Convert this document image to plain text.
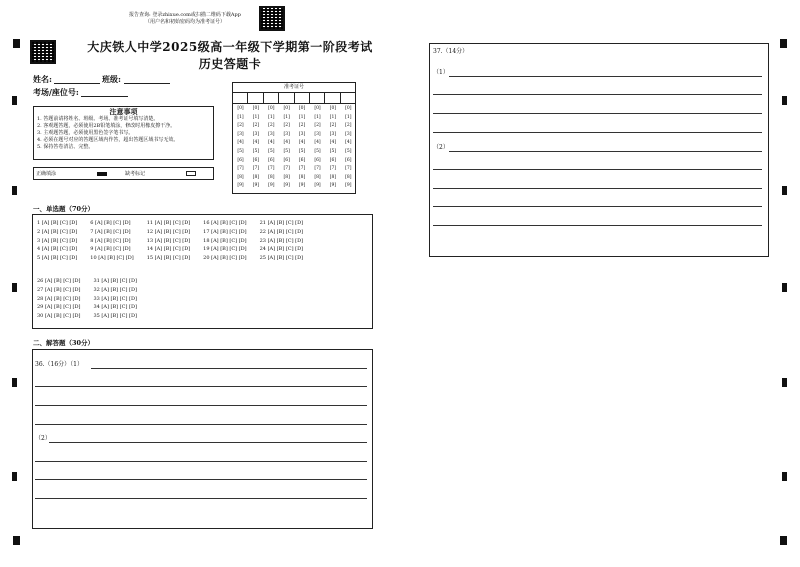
报告查询: 登录zhixue.com或扫描二维码下载App
（用户名和初始密码均为准考证号）
大庆铁人中学2025级高一年级下学期第一阶段考试
历史答题卡
姓名:	班级:
考场/座位号:
注意事项
1. 答题前请将姓名、班级、考场、准考证号填写清楚。
2. 客观题答题，必须使用2B铅笔填涂，修改时用橡皮擦干净。
3. 主观题答题，必须使用黑色签字笔书写。
4. 必须在题号对应的答题区域内作答，超出答题区域书写无效。
5. 保持答卷清洁、完整。
正确填涂	缺考标记
准考证号
[0]
[1]
[2]
[3]
[4]
[5]
[6]
[7]
[8]
[9]
[0]
[1]
[2]
[3]
[4]
[5]
[6]
[7]
[8]
[9]
[0]
[1]
[2]
[3]
[4]
[5]
[6]
[7]
[8]
[9]
[0]
[1]
[2]
[3]
[4]
[5]
[6]
[7]
[8]
[9]
[0]
[1]
[2]
[3]
[4]
[5]
[6]
[7]
[8]
[9]
[0]
[1]
[2]
[3]
[4]
[5]
[6]
[7]
[8]
[9]
[0]
[1]
[2]
[3]
[4]
[5]
[6]
[7]
[8]
[9]
[0]
[1]
[2]
[3]
[4]
[5]
[6]
[7]
[8]
[9]
一、单选题（70分）
1 [A] [B] [C] [D]
2 [A] [B] [C] [D]
3 [A] [B] [C] [D]
4 [A] [B] [C] [D]
5 [A] [B] [C] [D]
6 [A] [B] [C] [D]
7 [A] [B] [C] [D]
8 [A] [B] [C] [D]
9 [A] [B] [C] [D]
10 [A] [B] [C] [D]
11 [A] [B] [C] [D]
12 [A] [B] [C] [D]
13 [A] [B] [C] [D]
14 [A] [B] [C] [D]
15 [A] [B] [C] [D]
16 [A] [B] [C] [D]
17 [A] [B] [C] [D]
18 [A] [B] [C] [D]
19 [A] [B] [C] [D]
20 [A] [B] [C] [D]
21 [A] [B] [C] [D]
22 [A] [B] [C] [D]
23 [A] [B] [C] [D]
24 [A] [B] [C] [D]
25 [A] [B] [C] [D]
26 [A] [B] [C] [D]
27 [A] [B] [C] [D]
28 [A] [B] [C] [D]
29 [A] [B] [C] [D]
30 [A] [B] [C] [D]
31 [A] [B] [C] [D]
32 [A] [B] [C] [D]
33 [A] [B] [C] [D]
34 [A] [B] [C] [D]
35 [A] [B] [C] [D]
二、解答题（30分）
36.（16分）（1）
（2）
37.（14分）
（1）
（2）
